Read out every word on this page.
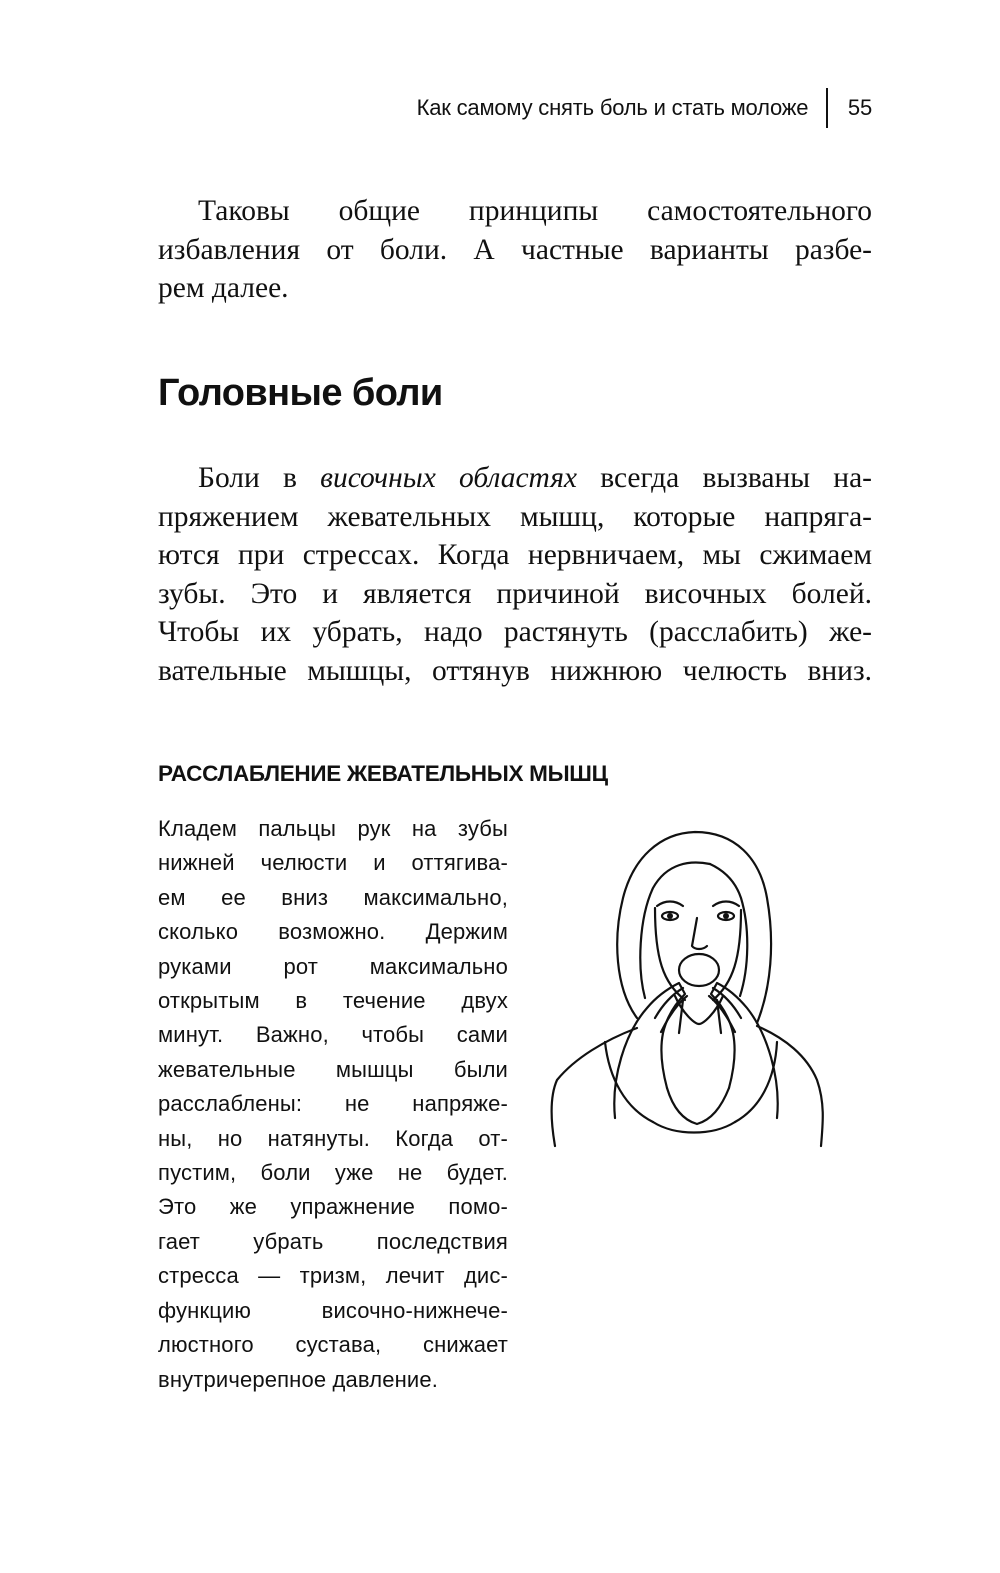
Как самому снять боль и стать моложе 55

Таковы общие принципы самостоятельного
избавления от боли. А частные варианты разбе-
рем далее.

Головные боли

Боли в височных областях всегда вызваны на-
пряжением жевательных мышц, которые напряга-
ются при стрессах. Когда нервничаем, мы сжимаем
зубы. Это и является причиной височных болей.
Чтобы их убрать, надо растянуть (расслабить) же-
вательные мышцы, оттянув нижнюю челюсть вниз.

РАССЛАБЛЕНИЕ ЖЕВАТЕЛЬНЫХ МЫШЦ

Кладем пальцы рук на зубы
нижней челюсти и оттягива-
ем ее вниз максимально,
сколько возможно. Держим
руками рот максимально
открытым в течение двух
минут. Важно, чтобы сами
жевательные мышцы были
расслаблены: не напряже-
ны, но натянуты. Когда от-
пустим, боли уже не будет.
Это же упражнение помо-
гает убрать последствия
стресса — тризм, лечит дис-
функцию височно-нижнече-
люстного сустава, снижает
внутричерепное давление.
